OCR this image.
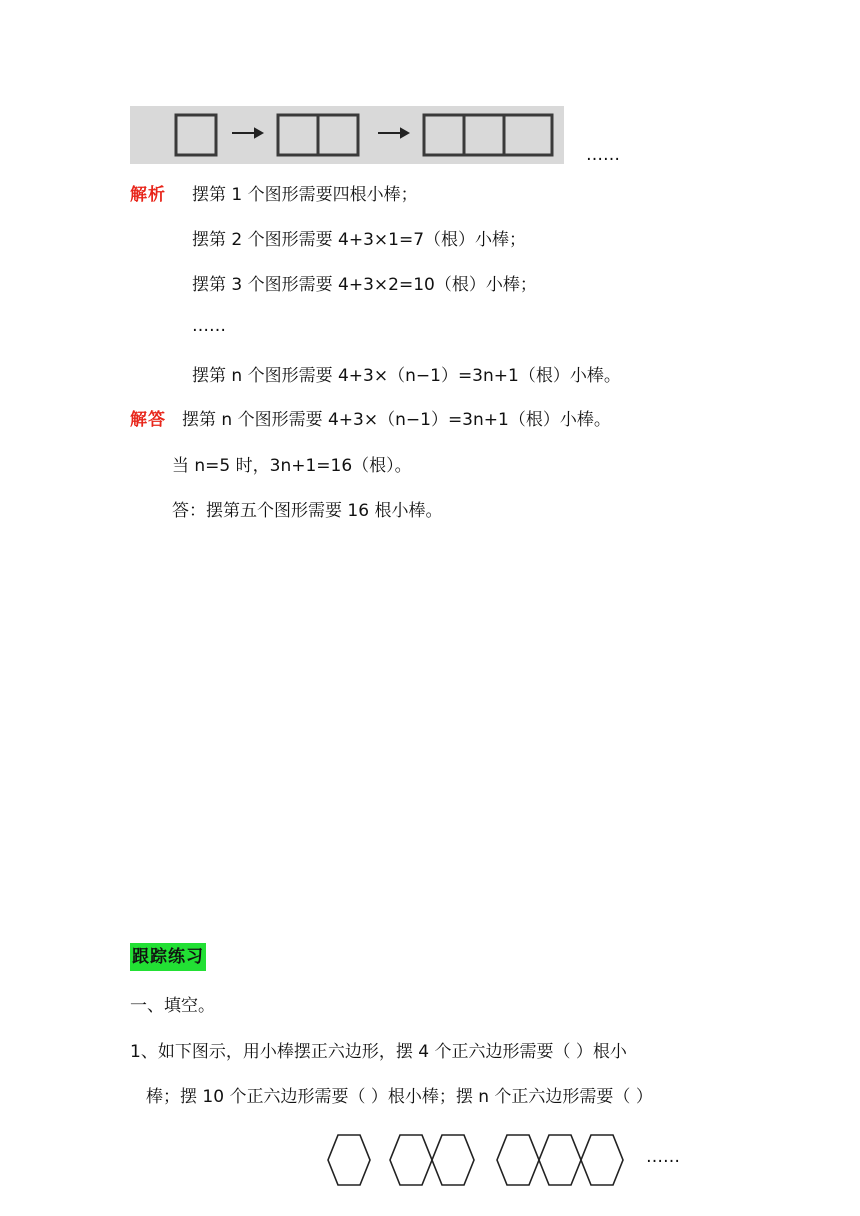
……
解析 摆第 1 个图形需要四根小棒；
摆第 2 个图形需要 4+3×1=7（根）小棒；
摆第 3 个图形需要 4+3×2=10（根）小棒；
……
摆第 n 个图形需要 4+3×（n−1）=3n+1（根）小棒。
解答 摆第 n 个图形需要 4+3×（n−1）=3n+1（根）小棒。
当 n=5 时，3n+1=16（根）。
答：摆第五个图形需要 16 根小棒。
跟踪练习
一、填空。
1、如下图示，用小棒摆正六边形，摆 4 个正六边形需要（ ）根小
棒；摆 10 个正六边形需要（ ）根小棒；摆 n 个正六边形需要（ ）
……
